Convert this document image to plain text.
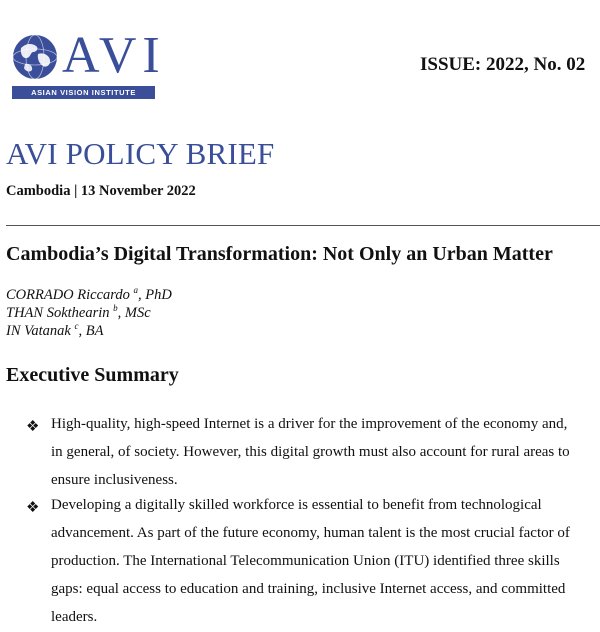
AVI
ASIAN VISION INSTITUTE
ISSUE: 2022, No. 02
AVI POLICY BRIEF
Cambodia | 13 November 2022
Cambodia’s Digital Transformation: Not Only an Urban Matter
CORRADO Riccardo $^a$, PhD
THAN Sokthearin $^b$, MSc
IN Vatanak $^c$, BA
Executive Summary
❖ High-quality, high-speed Internet is a driver for the improvement of the economy and,
in general, of society. However, this digital growth must also account for rural areas to
ensure inclusiveness.
❖ Developing a digitally skilled workforce is essential to benefit from technological
advancement. As part of the future economy, human talent is the most crucial factor of
production. The International Telecommunication Union (ITU) identified three skills
gaps: equal access to education and training, inclusive Internet access, and committed
leaders.
